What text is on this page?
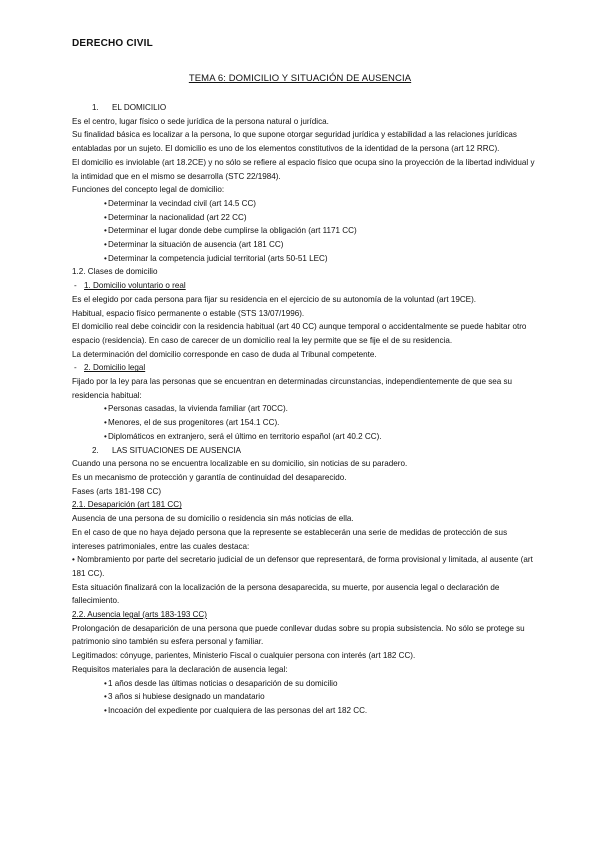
DERECHO CIVIL
TEMA 6: DOMICILIO Y SITUACIÓN DE AUSENCIA

1. EL DOMICILIO

Es el centro, lugar físico o sede jurídica de la persona natural o jurídica.

Su finalidad básica es localizar a la persona, lo que supone otorgar seguridad jurídica y estabilidad a las relaciones jurídicas entabladas por un sujeto. El domicilio es uno de los elementos constitutivos de la identidad de la persona (art 12 RRC).

El domicilio es inviolable (art 18.2CE) y no sólo se refiere al espacio físico que ocupa sino la proyección de la libertad individual y la intimidad que en el mismo se desarrolla (STC 22/1984).

Funciones del concepto legal de domicilio:

• Determinar la vecindad civil (art 14.5 CC)
• Determinar la nacionalidad (art 22 CC)
• Determinar el lugar donde debe cumplirse la obligación (art 1171 CC)
• Determinar la situación de ausencia (art 181 CC)
• Determinar la competencia judicial territorial (arts 50-51 LEC)

1.2. Clases de domicilio

- 1. Domicilio voluntario o real

Es el elegido por cada persona para fijar su residencia en el ejercicio de su autonomía de la voluntad (art 19CE).

Habitual, espacio físico permanente o estable (STS 13/07/1996).

El domicilio real debe coincidir con la residencia habitual (art 40 CC) aunque temporal o accidentalmente se puede habitar otro espacio (residencia). En caso de carecer de un domicilio real la ley permite que se fije el de su residencia.

La determinación del domicilio corresponde en caso de duda al Tribunal competente.

- 2. Domicilio legal

Fijado por la ley para las personas que se encuentran en determinadas circunstancias, independientemente de que sea su residencia habitual:

• Personas casadas, la vivienda familiar (art 70CC).
• Menores, el de sus progenitores (art 154.1 CC).
• Diplomáticos en extranjero, será el último en territorio español (art 40.2 CC).

2. LAS SITUACIONES DE AUSENCIA

Cuando una persona no se encuentra localizable en su domicilio, sin noticias de su paradero.

Es un mecanismo de protección y garantía de continuidad del desaparecido.

Fases (arts 181-198 CC)

2.1. Desaparición (art 181 CC)

Ausencia de una persona de su domicilio o residencia sin más noticias de ella.

En el caso de que no haya dejado persona que la represente se establecerán una serie de medidas de protección de sus intereses patrimoniales, entre las cuales destaca:

• Nombramiento por parte del secretario judicial de un defensor que representará, de forma provisional y limitada, al ausente (art 181 CC).

Esta situación finalizará con la localización de la persona desaparecida, su muerte, por ausencia legal o declaración de fallecimiento.

2.2. Ausencia legal (arts 183-193 CC)

Prolongación de desaparición de una persona que puede conllevar dudas sobre su propia subsistencia. No sólo se protege su patrimonio sino también su esfera personal y familiar.

Legitimados: cónyuge, parientes, Ministerio Fiscal o cualquier persona con interés (art 182 CC).

Requisitos materiales para la declaración de ausencia legal:

• 1 años desde las últimas noticias o desaparición de su domicilio
• 3 años si hubiese designado un mandatario
• Incoación del expediente por cualquiera de las personas del art 182 CC.
